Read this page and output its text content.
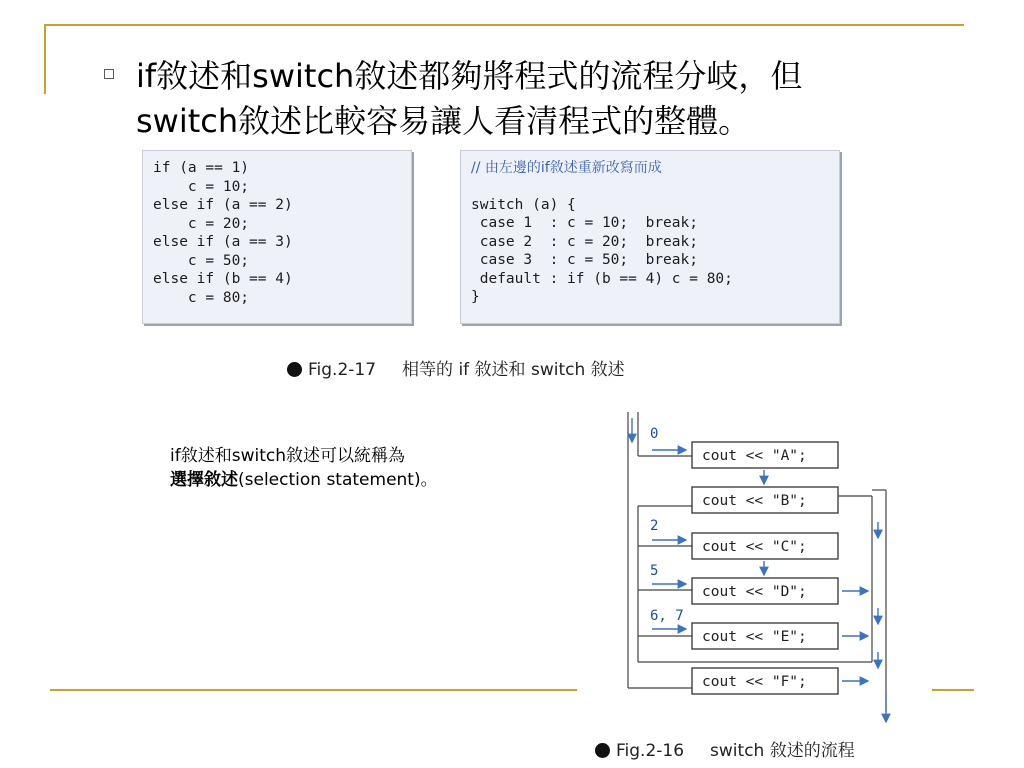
if敘述和switch敘述都夠將程式的流程分岐，但
switch敘述比較容易讓人看清程式的整體。

if (a == 1)
c = 10;
else if (a == 2)
c = 20;
else if (a == 3)
c = 50;
else if (b == 4)
c = 80;
// 由左邊的if敘述重新改寫而成
switch (a) {
case 1  : c = 10;  break;
case 2  : c = 20;  break;
case 3  : c = 50;  break;
default : if (b == 4) c = 80;
}
Fig.2-17 相等的 if 敘述和 switch 敘述

if敘述和switch敘述可以統稱為
選擇敘述(selection statement)。

cout << "A";
cout << "B";
cout << "C";
cout << "D";
cout << "E";
cout << "F";
0
2
5
6, 7
Fig.2-16 switch 敘述的流程
